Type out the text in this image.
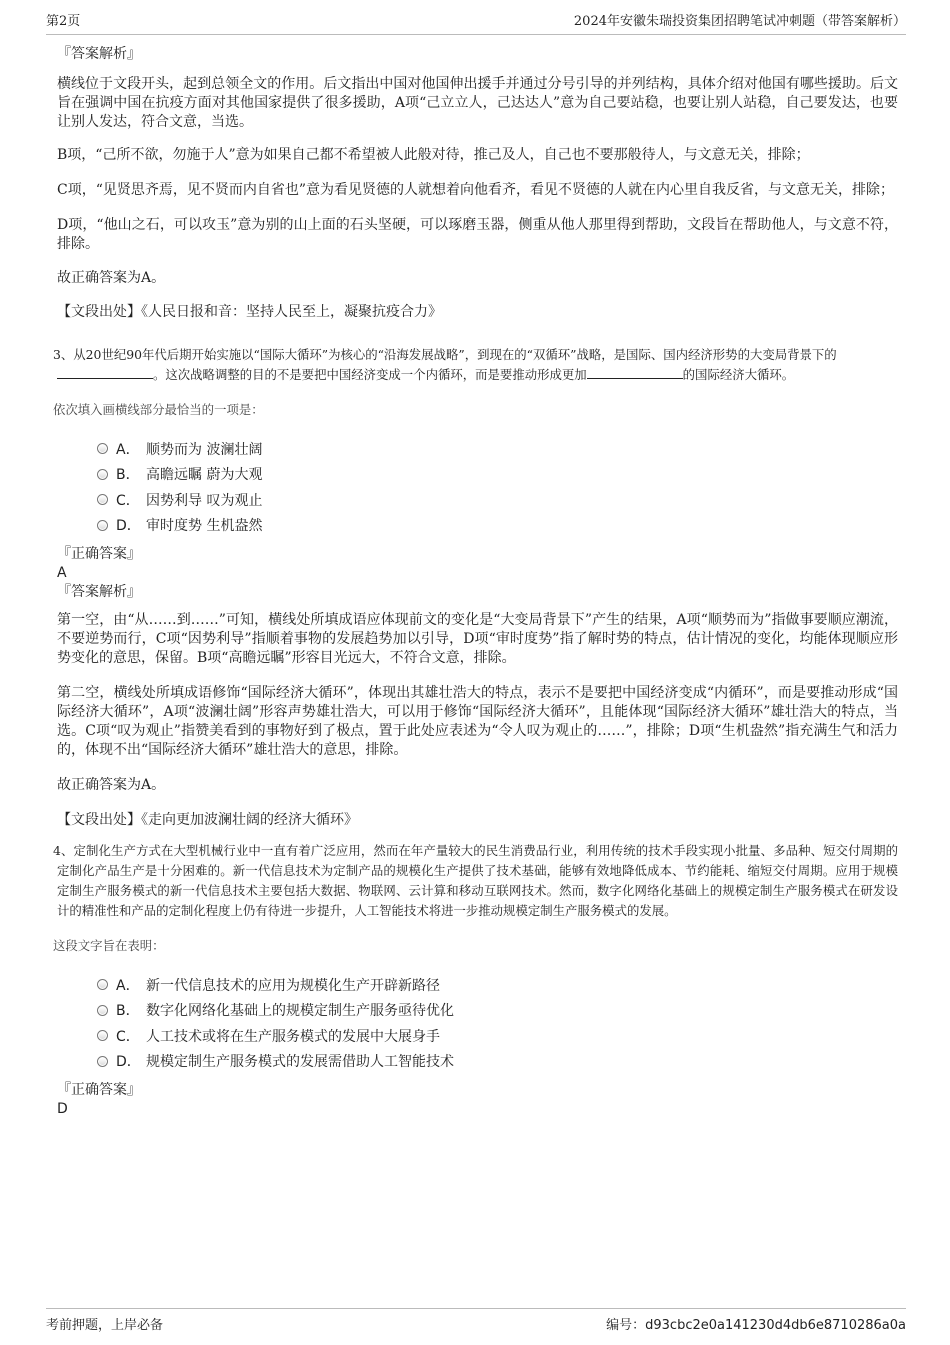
第2页	2024年安徽朱瑞投资集团招聘笔试冲刺题（带答案解析）

『答案解析』

横线位于文段开头，起到总领全文的作用。后文指出中国对他国伸出援手并通过分号引导的并列结构，具体介绍对他国有哪些援助。后文旨在强调中国在抗疫方面对其他国家提供了很多援助，A项“己立立人，己达达人”意为自己要站稳，也要让别人站稳，自己要发达，也要让别人发达，符合文意，当选。

B项，“己所不欲，勿施于人”意为如果自己都不希望被人此般对待，推己及人，自己也不要那般待人，与文意无关，排除；

C项，“见贤思齐焉，见不贤而内自省也”意为看见贤德的人就想着向他看齐，看见不贤德的人就在内心里自我反省，与文意无关，排除；

D项，“他山之石，可以攻玉”意为别的山上面的石头坚硬，可以琢磨玉器，侧重从他人那里得到帮助，文段旨在帮助他人，与文意不符，排除。

故正确答案为A。

【文段出处】《人民日报和音：坚持人民至上，凝聚抗疫合力》

3、从20世纪90年代后期开始实施以“国际大循环”为核心的“沿海发展战略”，到现在的“双循环”战略，是国际、国内经济形势的大变局背景下的
。这次战略调整的目的不是要把中国经济变成一个内循环，而是要推动形成更加	的国际经济大循环。

依次填入画横线部分最恰当的一项是：

A． 顺势而为 波澜壮阔
B． 高瞻远瞩 蔚为大观
C． 因势利导 叹为观止
D． 审时度势 生机盎然

『正确答案』

A

『答案解析』

第一空，由“从……到……”可知，横线处所填成语应体现前文的变化是“大变局背景下”产生的结果，A项“顺势而为”指做事要顺应潮流，不要逆势而行，C项“因势利导”指顺着事物的发展趋势加以引导，D项“审时度势”指了解时势的特点，估计情况的变化，均能体现顺应形势变化的意思，保留。B项“高瞻远瞩”形容目光远大，不符合文意，排除。

第二空，横线处所填成语修饰“国际经济大循环”，体现出其雄壮浩大的特点，表示不是要把中国经济变成“内循环”，而是要推动形成“国际经济大循环”，A项“波澜壮阔”形容声势雄壮浩大，可以用于修饰“国际经济大循环”，且能体现“国际经济大循环”雄壮浩大的特点，当选。C项“叹为观止”指赞美看到的事物好到了极点，置于此处应表述为“令人叹为观止的……”，排除；D项“生机盎然”指充满生气和活力的，体现不出“国际经济大循环”雄壮浩大的意思，排除。

故正确答案为A。

【文段出处】《走向更加波澜壮阔的经济大循环》

4、定制化生产方式在大型机械行业中一直有着广泛应用，然而在年产量较大的民生消费品行业，利用传统的技术手段实现小批量、多品种、短交付周期的定制化产品生产是十分困难的。新一代信息技术为定制产品的规模化生产提供了技术基础，能够有效地降低成本、节约能耗、缩短交付周期。应用于规模定制生产服务模式的新一代信息技术主要包括大数据、物联网、云计算和移动互联网技术。然而，数字化网络化基础上的规模定制生产服务模式在研发设计的精准性和产品的定制化程度上仍有待进一步提升，人工智能技术将进一步推动规模定制生产服务模式的发展。

这段文字旨在表明：

A． 新一代信息技术的应用为规模化生产开辟新路径
B． 数字化网络化基础上的规模定制生产服务亟待优化
C． 人工技术或将在生产服务模式的发展中大展身手
D． 规模定制生产服务模式的发展需借助人工智能技术

『正确答案』

D

考前押题，上岸必备	编号：d93cbc2e0a141230d4db6e8710286a0a
